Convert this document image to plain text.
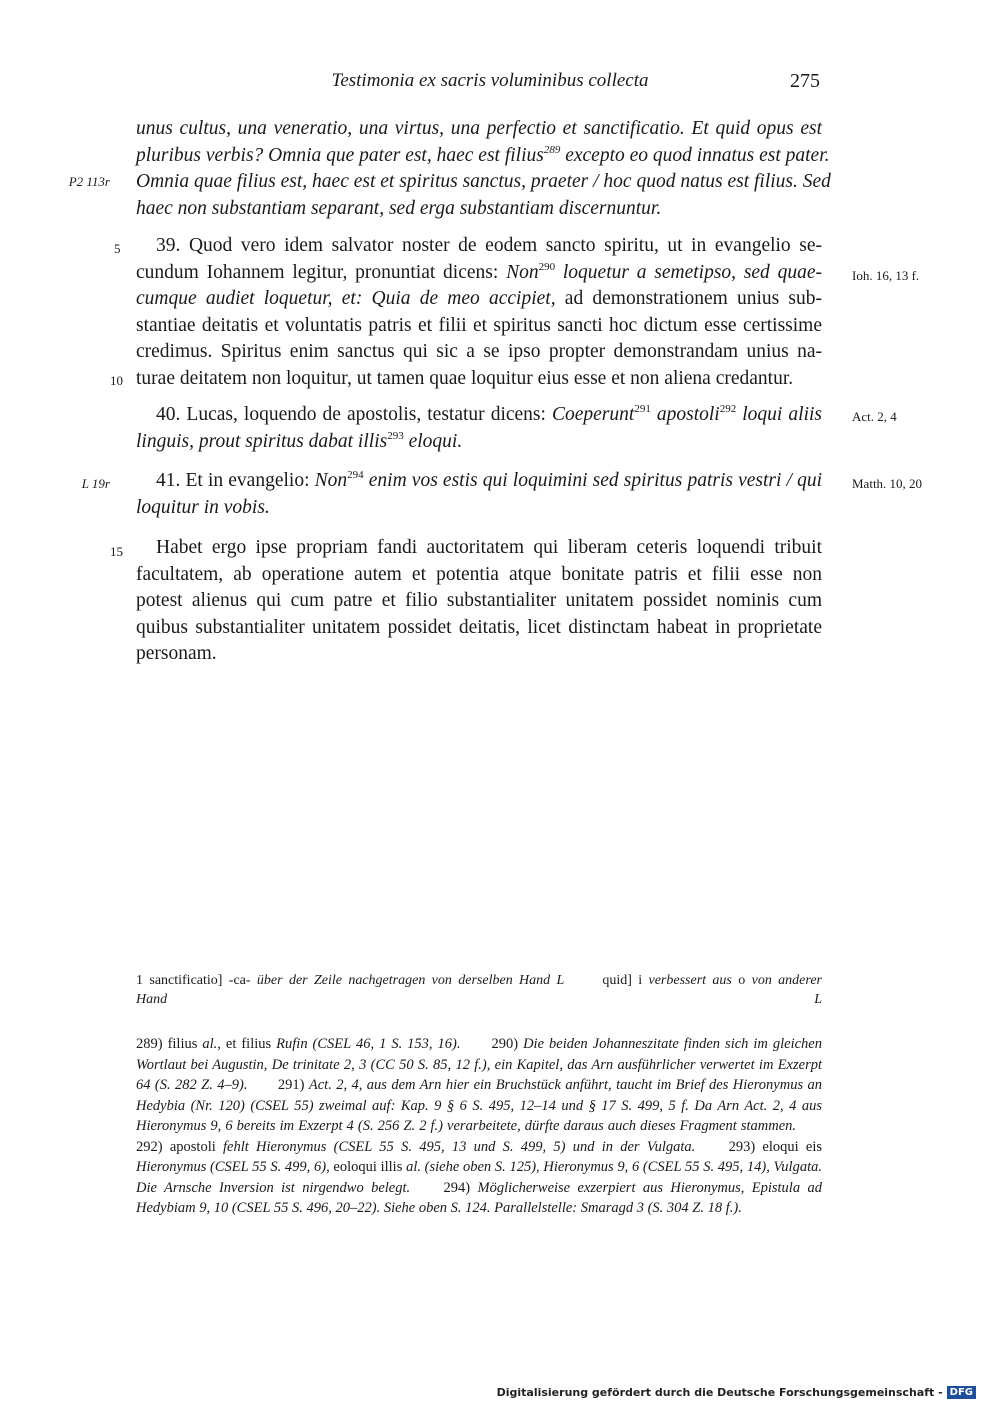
Testimonia ex sacris voluminibus collecta	275
P2 113r
unus cultus, una veneratio, una virtus, una perfectio et sanctificatio. Et quid opus est
pluribus verbis? Omnia que pater est, haec est filius$^{289}$ excepto eo quod innatus est pater.
Omnia quae filius est, haec est et spiritus sanctus, praeter / hoc quod natus est filius. Sed
haec non substantiam separant, sed erga substantiam discernuntur.
5
Ioh. 16, 13 f.
10
39. Quod vero idem salvator noster de eodem sancto spiritu, ut in evangelio se-
cundum Iohannem legitur, pronuntiat dicens: Non$^{290}$ loquetur a semetipso, sed quae-
cumque audiet loquetur, et: Quia de meo accipiet, ad demonstrationem unius sub-
stantiae deitatis et voluntatis patris et filii et spiritus sancti hoc dictum esse certissime
credimus. Spiritus enim sanctus qui sic a se ipso propter demonstrandam unius na-
turae deitatem non loquitur, ut tamen quae loquitur eius esse et non aliena credantur.
Act. 2, 4
40. Lucas, loquendo de apostolis, testatur dicens: Coeperunt$^{291}$ apostoli$^{292}$ loqui aliis
linguis, prout spiritus dabat illis$^{293}$ eloqui.
L 19r	Matth. 10, 20
41. Et in evangelio: Non$^{294}$ enim vos estis qui loquimini sed spiritus patris vestri / qui
loquitur in vobis.
15	Habet ergo ipse propriam fandi auctoritatem qui liberam ceteris loquendi tribuit
facultatem, ab operatione autem et potentia atque bonitate patris et filii esse non
potest alienus qui cum patre et filio substantialiter unitatem possidet nominis cum
quibus substantialiter unitatem possidet deitatis, licet distinctam habeat in proprietate
personam.
1 sanctificatio] -ca- über der Zeile nachgetragen von derselben Hand L	quid] i verbessert aus o von anderer
Hand L
289) filius al., et filius Rufin (CSEL 46, 1 S. 153, 16). 290) Die beiden Johanneszitate finden sich im gleichen Wortlaut bei Augustin, De trinitate 2, 3 (CC 50 S. 85, 12 f.), ein Kapitel, das Arn ausführlicher verwertet im Exzerpt 64 (S. 282 Z. 4–9). 291) Act. 2, 4, aus dem Arn hier ein Bruchstück anführt, taucht im Brief des Hieronymus an Hedybia (Nr. 120) (CSEL 55) zweimal auf: Kap. 9 § 6 S. 495, 12–14 und § 17 S. 499, 5 f. Da Arn Act. 2, 4 aus Hieronymus 9, 6 bereits im Exzerpt 4 (S. 256 Z. 2 f.) verarbeitete, dürfte daraus auch dieses Fragment stammen. 292) apostoli fehlt Hieronymus (CSEL 55 S. 495, 13 und S. 499, 5) und in der Vulgata. 293) eloqui eis Hieronymus (CSEL 55 S. 499, 6), eoloqui illis al. (siehe oben S. 125), Hieronymus 9, 6 (CSEL 55 S. 495, 14), Vulgata. Die Arnsche Inversion ist nirgendwo belegt. 294) Möglicherweise exzerpiert aus Hieronymus, Epistula ad Hedybiam 9, 10 (CSEL 55 S. 496, 20–22). Siehe oben S. 124. Parallelstelle: Smaragd 3 (S. 304 Z. 18 f.).
Digitalisierung gefördert durch die Deutsche Forschungsgemeinschaft - DFG
